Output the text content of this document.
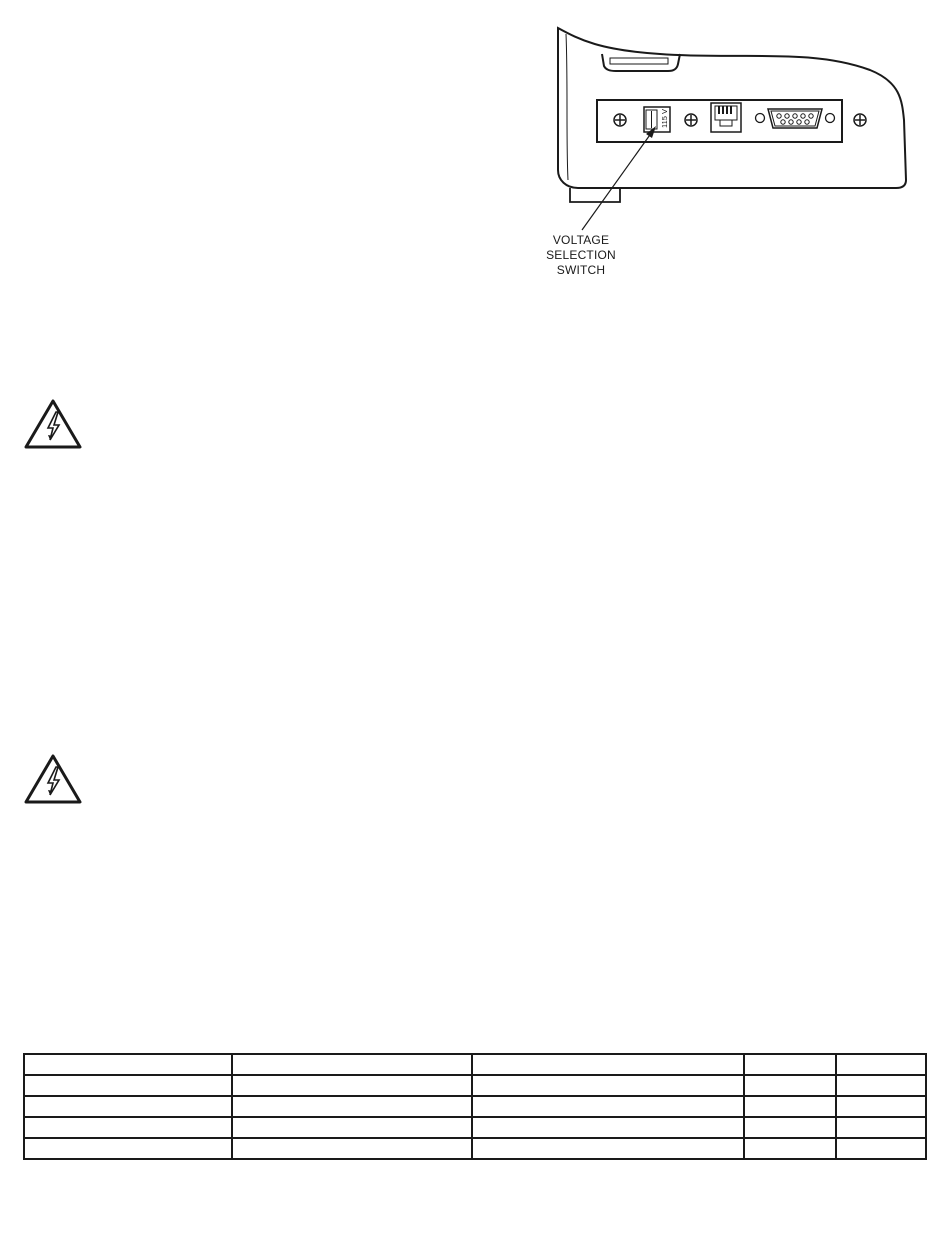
115 V
VOLTAGE
SELECTION
SWITCH
